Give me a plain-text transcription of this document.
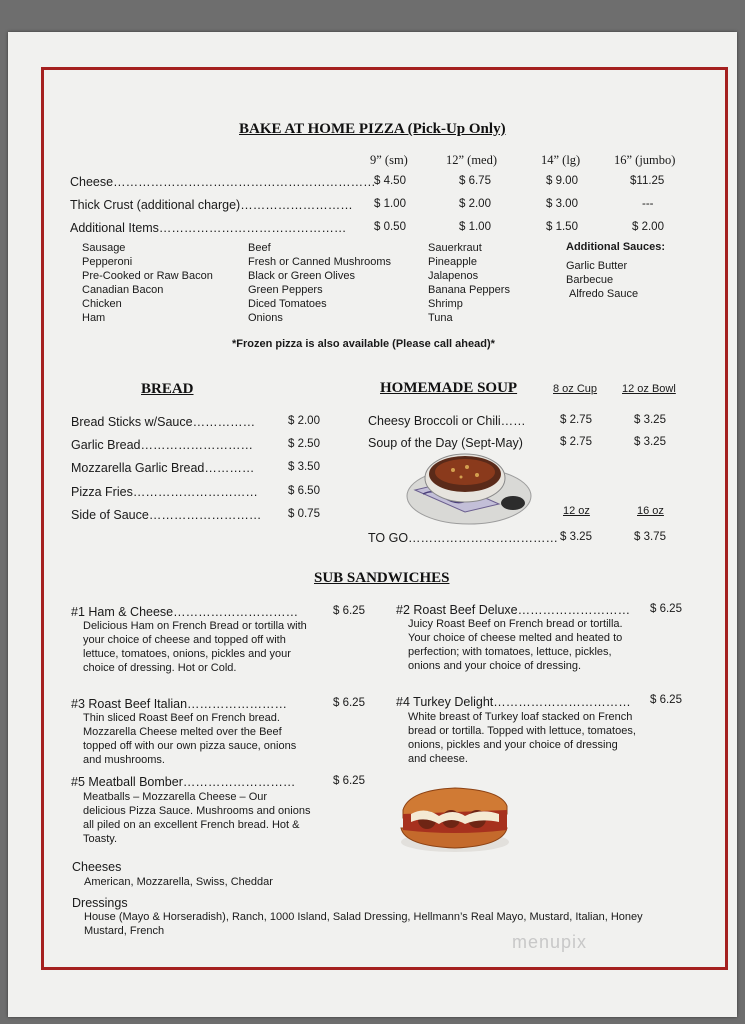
BAKE AT HOME PIZZA (Pick-Up Only)
9” (sm)	12” (med)	14” (lg)	16” (jumbo)
Cheese………………………………………………………
$ 4.50	$ 6.75	$ 9.00	$11.25
Thick Crust (additional charge)……………………… $ 1.00	$ 2.00	$ 3.00	---
Additional Items……………………………………… $ 0.50	$ 1.00	$ 1.50	$ 2.00
Sausage
Pepperoni
Pre-Cooked or Raw Bacon
Canadian Bacon
Chicken
Ham
Beef
Fresh or Canned Mushrooms
Black or Green Olives
Green Peppers
Diced Tomatoes
Onions
Sauerkraut
Pineapple
Jalapenos
Banana Peppers
Shrimp
Tuna
Additional Sauces:
Garlic Butter
Barbecue
Alfredo Sauce
*Frozen pizza is also available (Please call ahead)*
BREAD
Bread Sticks w/Sauce……………	$ 2.00
Garlic Bread………………………	$ 2.50
Mozzarella Garlic Bread…………	$ 3.50
Pizza Fries…………………………	$ 6.50
Side of Sauce………………………	$ 0.75
HOMEMADE SOUP	8 oz Cup 12 oz Bowl
Cheesy Broccoli or Chili……	$ 2.75	$ 3.25
Soup of the Day (Sept-May)	$ 2.75	$ 3.25
12 oz	16 oz
TO GO……………………………… $ 3.25	$ 3.75
SUB SANDWICHES
#1 Ham & Cheese…………………………	$ 6.25
Delicious Ham on French Bread or tortilla with your choice of cheese and topped off with lettuce, tomatoes, onions, pickles and your choice of dressing. Hot or Cold.
#2 Roast Beef Deluxe……………………… $ 6.25
Juicy Roast Beef on French bread or tortilla. Your choice of cheese melted and heated to perfection; with tomatoes, lettuce, pickles, onions and your choice of dressing.
#3 Roast Beef Italian……………………	$ 6.25
Thin sliced Roast Beef on French bread. Mozzarella Cheese melted over the Beef topped off with our own pizza sauce, onions and mushrooms.
#4 Turkey Delight…………………………… $ 6.25
White breast of Turkey loaf stacked on French bread or tortilla. Topped with lettuce, tomatoes, onions, pickles and your choice of dressing and cheese.
#5 Meatball Bomber………………………	$ 6.25
Meatballs – Mozzarella Cheese – Our delicious Pizza Sauce. Mushrooms and onions all piled on an excellent French bread. Hot & Toasty.
Cheeses
American, Mozzarella, Swiss, Cheddar
Dressings
House (Mayo & Horseradish), Ranch, 1000 Island, Salad Dressing, Hellmann’s Real Mayo, Mustard, Italian, Honey Mustard, French
menupix
